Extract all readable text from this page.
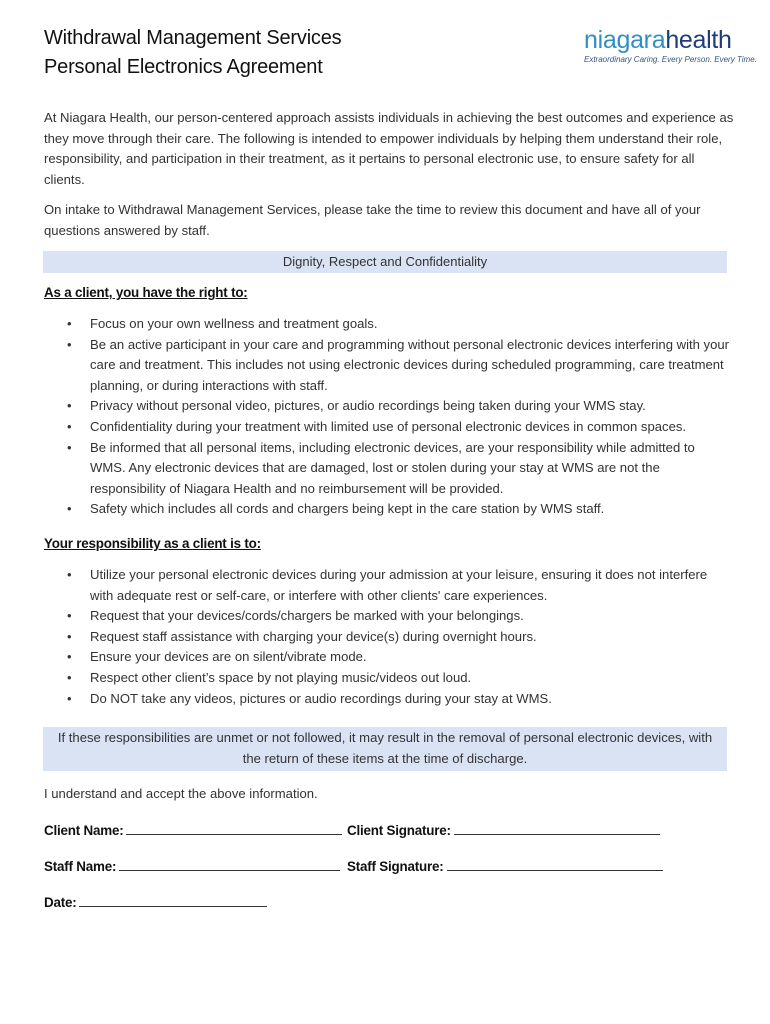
Withdrawal Management Services
Personal Electronics Agreement
niagarahealth
Extraordinary Caring. Every Person. Every Time.
At Niagara Health, our person-centered approach assists individuals in achieving the best outcomes and experience as they move through their care. The following is intended to empower individuals by helping them understand their role, responsibility, and participation in their treatment, as it pertains to personal electronic use, to ensure safety for all clients.
On intake to Withdrawal Management Services, please take the time to review this document and have all of your questions answered by staff.
Dignity, Respect and Confidentiality
As a client, you have the right to:
• Focus on your own wellness and treatment goals.
• Be an active participant in your care and programming without personal electronic devices interfering with your care and treatment. This includes not using electronic devices during scheduled programming, care treatment planning, or during interactions with staff.
• Privacy without personal video, pictures, or audio recordings being taken during your WMS stay.
• Confidentiality during your treatment with limited use of personal electronic devices in common spaces.
• Be informed that all personal items, including electronic devices, are your responsibility while admitted to WMS. Any electronic devices that are damaged, lost or stolen during your stay at WMS are not the responsibility of Niagara Health and no reimbursement will be provided.
• Safety which includes all cords and chargers being kept in the care station by WMS staff.
Your responsibility as a client is to:
• Utilize your personal electronic devices during your admission at your leisure, ensuring it does not interfere with adequate rest or self-care, or interfere with other clients' care experiences.
• Request that your devices/cords/chargers be marked with your belongings.
• Request staff assistance with charging your device(s) during overnight hours.
• Ensure your devices are on silent/vibrate mode.
• Respect other client’s space by not playing music/videos out loud.
• Do NOT take any videos, pictures or audio recordings during your stay at WMS.
If these responsibilities are unmet or not followed, it may result in the removal of personal electronic devices, with the return of these items at the time of discharge.
I understand and accept the above information.
Client Name:	Client Signature:
Staff Name:	Staff Signature:
Date:
